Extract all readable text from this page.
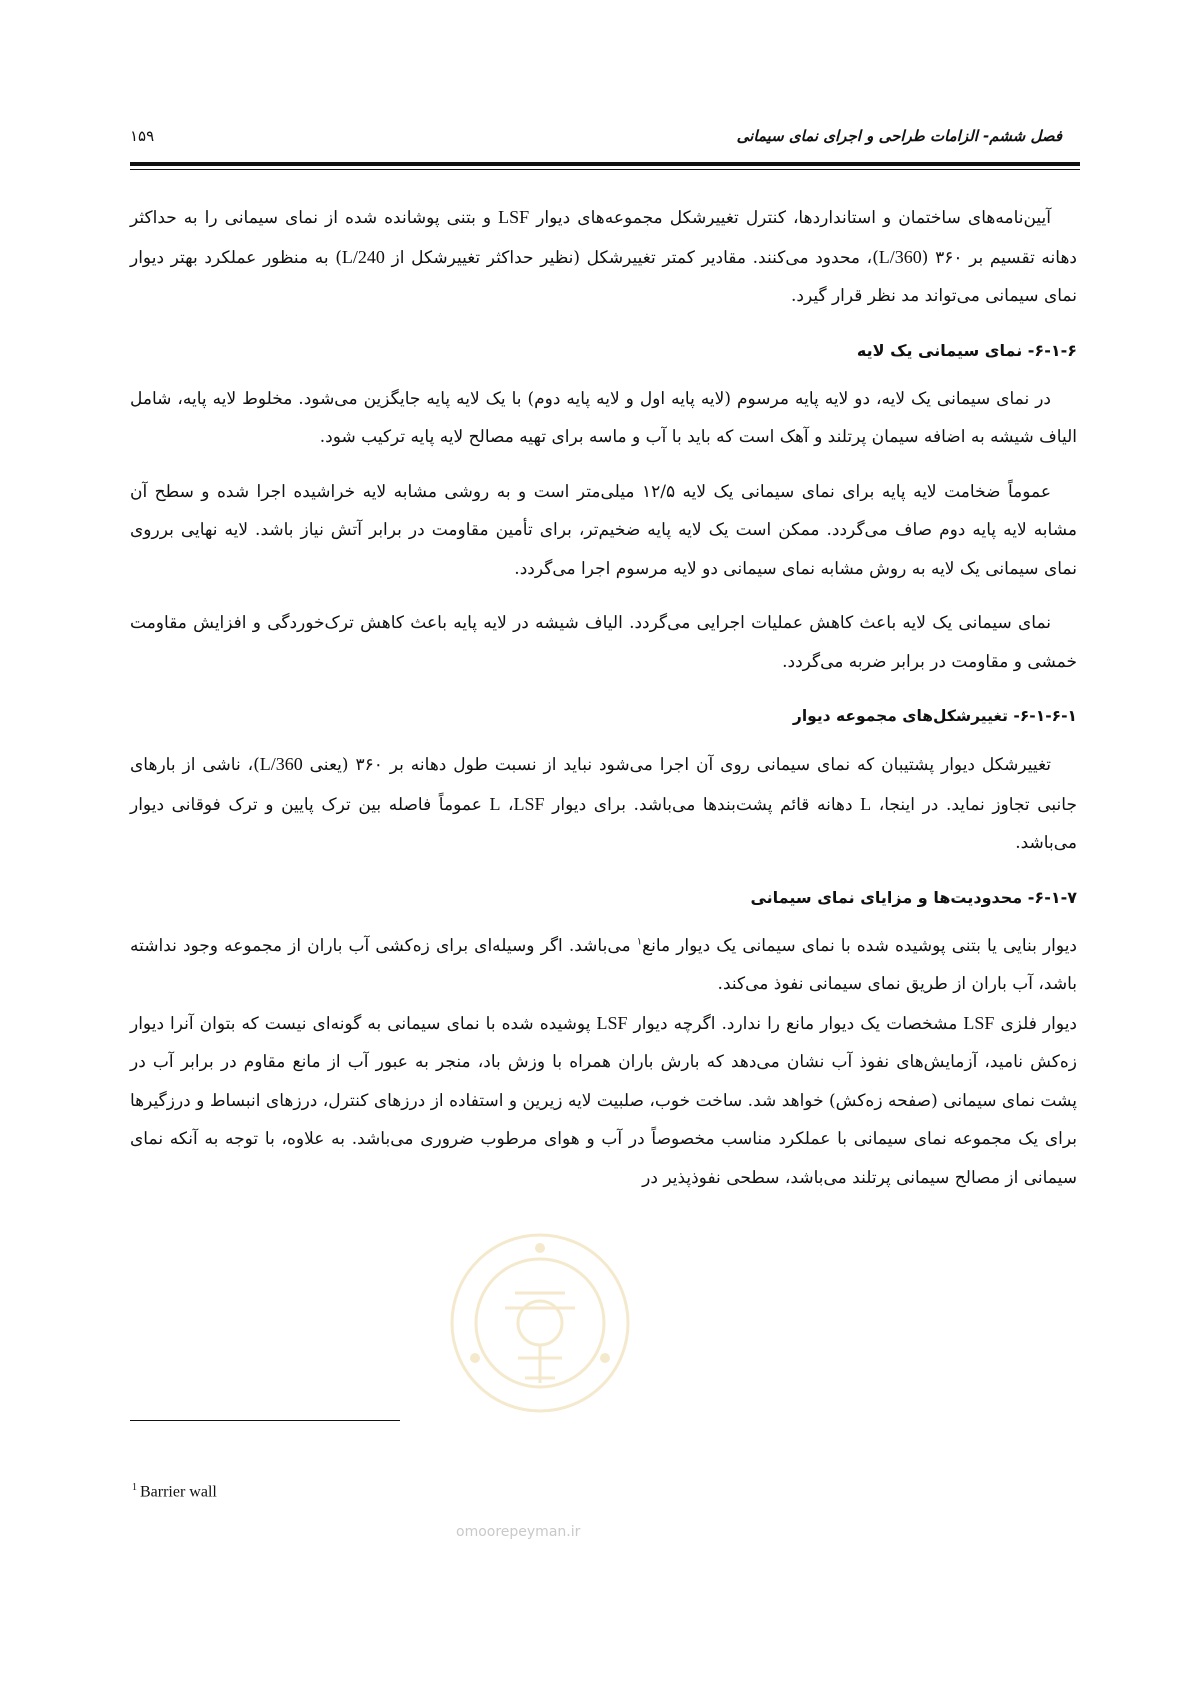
۱۵۹	فصل ششم- الزامات طراحی و اجرای نمای سیمانی

آیین‌نامه‌های ساختمان و استانداردها، کنترل تغییرشکل مجموعه‌های دیوار LSF و بتنی پوشانده شده از نمای سیمانی را به حداکثر دهانه تقسیم بر ۳۶۰ (L/360)، محدود می‌کنند. مقادیر کمتر تغییرشکل (نظیر حداکثر تغییرشکل از L/240) به منظور عملکرد بهتر دیوار نمای سیمانی می‌تواند مد نظر قرار گیرد.

۶-۱-۶- نمای سیمانی یک لایه

در نمای سیمانی یک لایه، دو لایه پایه مرسوم (لایه پایه اول و لایه پایه دوم) با یک لایه پایه جایگزین می‌شود. مخلوط لایه پایه، شامل الیاف شیشه به اضافه سیمان پرتلند و آهک است که باید با آب و ماسه برای تهیه مصالح لایه پایه ترکیب شود.

عموماً ضخامت لایه پایه برای نمای سیمانی یک لایه ۱۲/۵ میلی‌متر است و به روشی مشابه لایه خراشیده اجرا شده و سطح آن مشابه لایه پایه دوم صاف می‌گردد. ممکن است یک لایه پایه ضخیم‌تر، برای تأمین مقاومت در برابر آتش نیاز باشد. لایه نهایی برروی نمای سیمانی یک لایه به روش مشابه نمای سیمانی دو لایه مرسوم اجرا می‌گردد.

نمای سیمانی یک لایه باعث کاهش عملیات اجرایی می‌گردد. الیاف شیشه در لایه پایه باعث کاهش ترک‌خوردگی و افزایش مقاومت خمشی و مقاومت در برابر ضربه می‌گردد.

۶-۱-۶-۱- تغییرشکل‌های مجموعه دیوار

تغییرشکل دیوار پشتیبان که نمای سیمانی روی آن اجرا می‌شود نباید از نسبت طول دهانه بر ۳۶۰ (یعنی L/360)، ناشی از بارهای جانبی تجاوز نماید. در اینجا، L دهانه قائم پشت‌بندها می‌باشد. برای دیوار LSF، L عموماً فاصله بین ترک پایین و ترک فوقانی دیوار می‌باشد.

۶-۱-۷- محدودیت‌ها و مزایای نمای سیمانی

دیوار بنایی یا بتنی پوشیده شده با نمای سیمانی یک دیوار مانع$^۱$ می‌باشد. اگر وسیله‌ای برای زه‌کشی آب باران از مجموعه وجود نداشته باشد، آب باران از طریق نمای سیمانی نفوذ می‌کند.

دیوار فلزی LSF مشخصات یک دیوار مانع را ندارد. اگرچه دیوار LSF پوشیده شده با نمای سیمانی به گونه‌ای نیست که بتوان آنرا دیوار زه‌کش نامید، آزمایش‌های نفوذ آب نشان می‌دهد که بارش باران همراه با وزش باد، منجر به عبور آب از مانع مقاوم در برابر آب در پشت نمای سیمانی (صفحه زه‌کش) خواهد شد. ساخت خوب، صلبیت لایه زیرین و استفاده از درزهای کنترل، درزهای انبساط و درزگیرها برای یک مجموعه نمای سیمانی با عملکرد مناسب مخصوصاً در آب و هوای مرطوب ضروری می‌باشد. به علاوه، با توجه به آنکه نمای سیمانی از مصالح سیمانی پرتلند می‌باشد، سطحی نفوذپذیر در

$^1$ Barrier wall
omoorepeyman.ir
